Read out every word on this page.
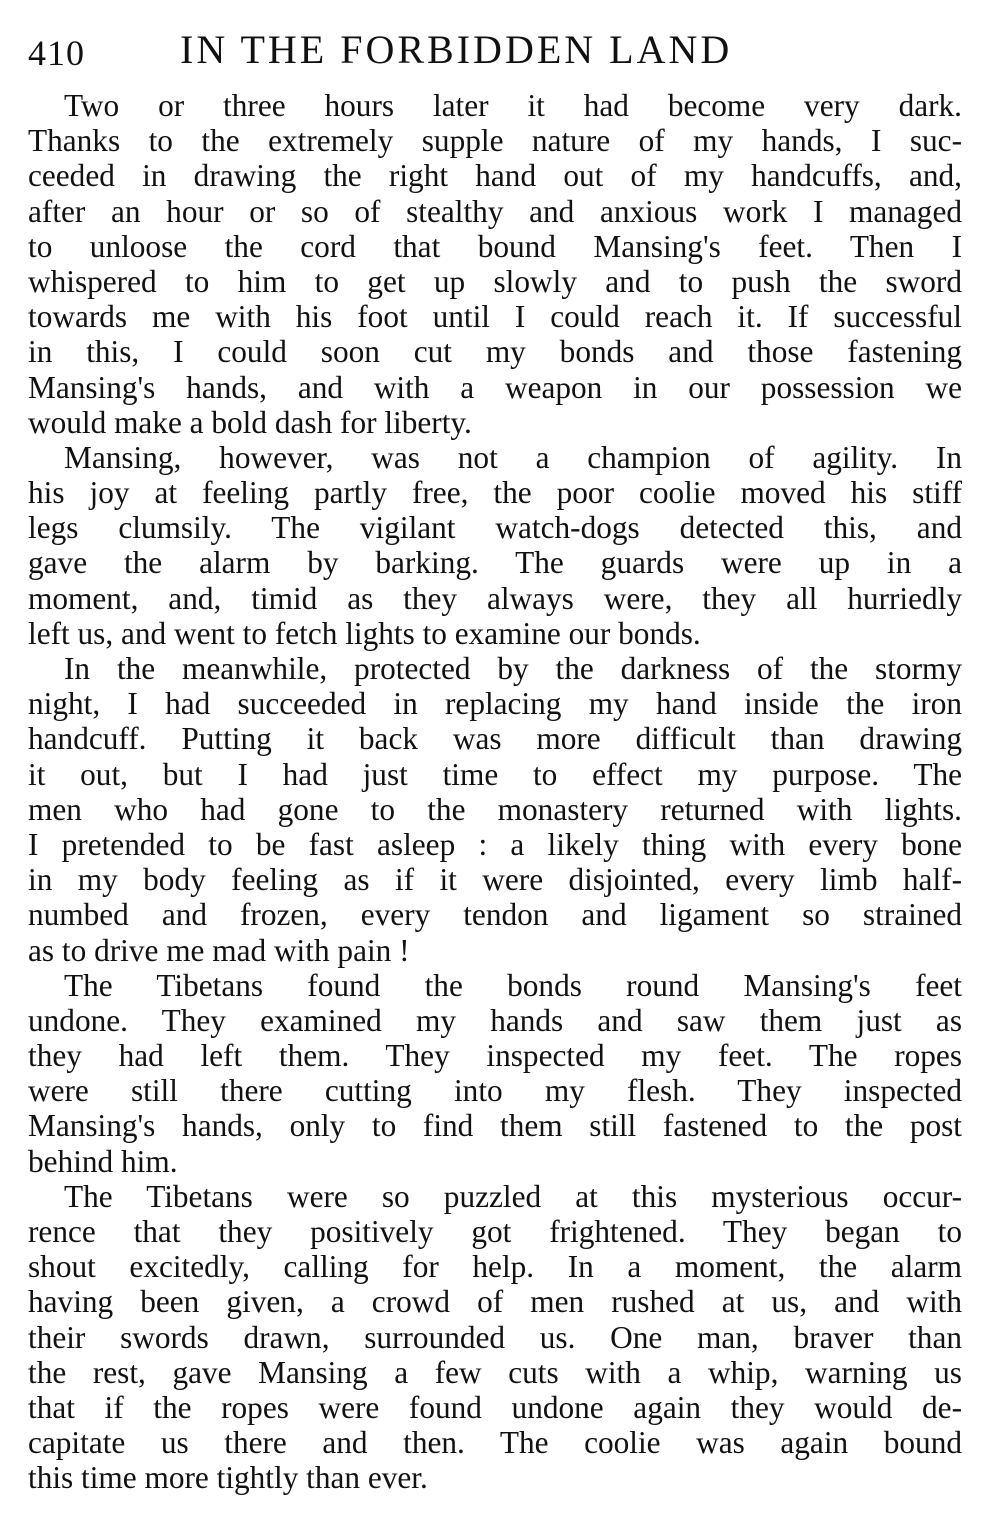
410 IN THE FORBIDDEN LAND

Two or three hours later it had become very dark.
Thanks to the extremely supple nature of my hands, I suc-
ceeded in drawing the right hand out of my handcuffs, and,
after an hour or so of stealthy and anxious work I managed
to unloose the cord that bound Mansing's feet. Then I
whispered to him to get up slowly and to push the sword
towards me with his foot until I could reach it. If successful
in this, I could soon cut my bonds and those fastening
Mansing's hands, and with a weapon in our possession we
would make a bold dash for liberty.

Mansing, however, was not a champion of agility. In
his joy at feeling partly free, the poor coolie moved his stiff
legs clumsily. The vigilant watch-dogs detected this, and
gave the alarm by barking. The guards were up in a
moment, and, timid as they always were, they all hurriedly
left us, and went to fetch lights to examine our bonds.

In the meanwhile, protected by the darkness of the stormy
night, I had succeeded in replacing my hand inside the iron
handcuff. Putting it back was more difficult than drawing
it out, but I had just time to effect my purpose. The
men who had gone to the monastery returned with lights.
I pretended to be fast asleep : a likely thing with every bone
in my body feeling as if it were disjointed, every limb half-
numbed and frozen, every tendon and ligament so strained
as to drive me mad with pain !

The Tibetans found the bonds round Mansing's feet
undone. They examined my hands and saw them just as
they had left them. They inspected my feet. The ropes
were still there cutting into my flesh. They inspected
Mansing's hands, only to find them still fastened to the post
behind him.

The Tibetans were so puzzled at this mysterious occur-
rence that they positively got frightened. They began to
shout excitedly, calling for help. In a moment, the alarm
having been given, a crowd of men rushed at us, and with
their swords drawn, surrounded us. One man, braver than
the rest, gave Mansing a few cuts with a whip, warning us
that if the ropes were found undone again they would de-
capitate us there and then. The coolie was again bound
this time more tightly than ever.
